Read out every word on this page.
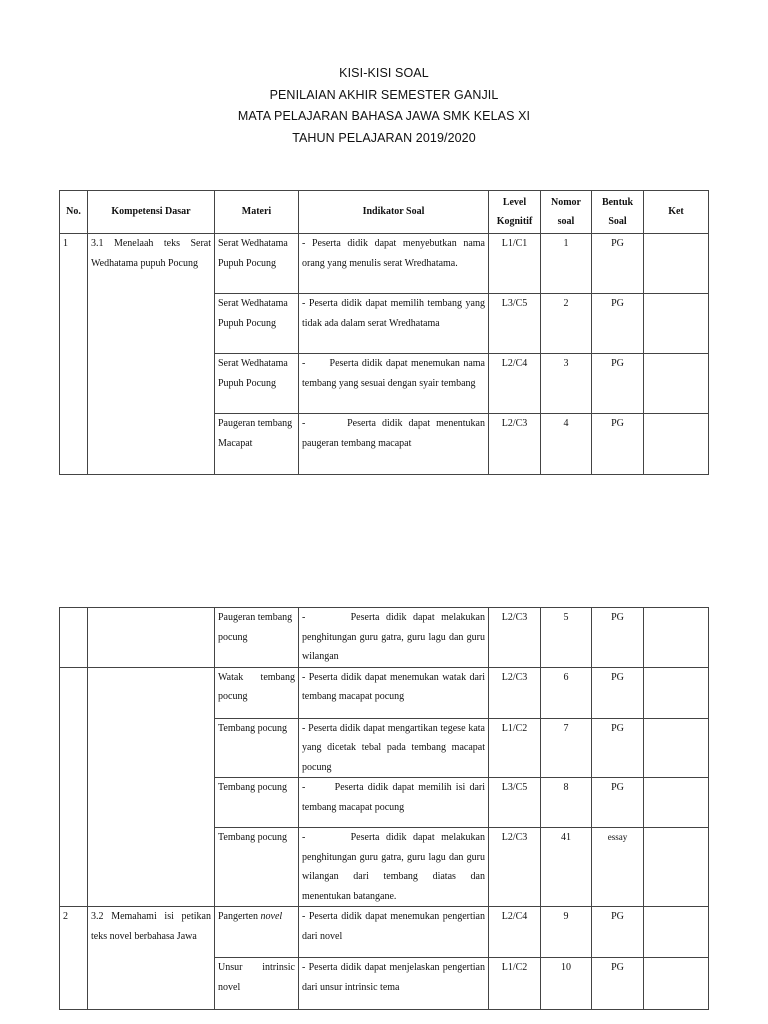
KISI-KISI SOAL
PENILAIAN AKHIR SEMESTER GANJIL
MATA PELAJARAN BAHASA JAWA SMK KELAS XI
TAHUN PELAJARAN 2019/2020
No.	Kompetensi Dasar	Materi	Indikator Soal	Level Kognitif	Nomor soal	Bentuk Soal	Ket
1	3.1 Menelaah teks Serat Wedhatama pupuh Pocung	Serat Wedhatama Pupuh Pocung	- Peserta didik dapat menyebutkan nama orang yang menulis serat Wredhatama.	L1/C1	1	PG	
		Serat Wedhatama Pupuh Pocung	- Peserta didik dapat memilih tembang yang tidak ada dalam serat Wredhatama	L3/C5	2	PG	
		Serat Wedhatama Pupuh Pocung	-       Peserta didik dapat menemukan nama tembang yang sesuai dengan syair tembang	L2/C4	3	PG	
		Paugeran tembang Macapat	-       Peserta didik dapat menentukan paugeran tembang macapat	L2/C3	4	PG	
		Paugeran tembang pocung	-       Peserta didik dapat melakukan penghitungan guru gatra, guru lagu dan guru wilangan	L2/C3	5	PG	
		Watak tembang pocung	- Peserta didik dapat menemukan watak dari tembang macapat pocung	L2/C3	6	PG	
		Tembang pocung	- Peserta didik dapat mengartikan tegese kata yang dicetak tebal pada tembang macapat pocung	L1/C2	7	PG	
		Tembang pocung	-       Peserta didik dapat memilih isi dari tembang macapat pocung	L3/C5	8	PG	
		Tembang pocung	-       Peserta didik dapat melakukan penghitungan guru gatra, guru lagu dan guru wilangan dari tembang diatas dan menentukan batangane.	L2/C3	41	essay	
2	3.2 Memahami isi petikan teks novel berbahasa Jawa	Pangerten novel	- Peserta didik dapat menemukan pengertian dari novel	L2/C4	9	PG	
		Unsur intrinsic novel	- Peserta didik dapat menjelaskan pengertian dari unsur intrinsic tema	L1/C2	10	PG	
